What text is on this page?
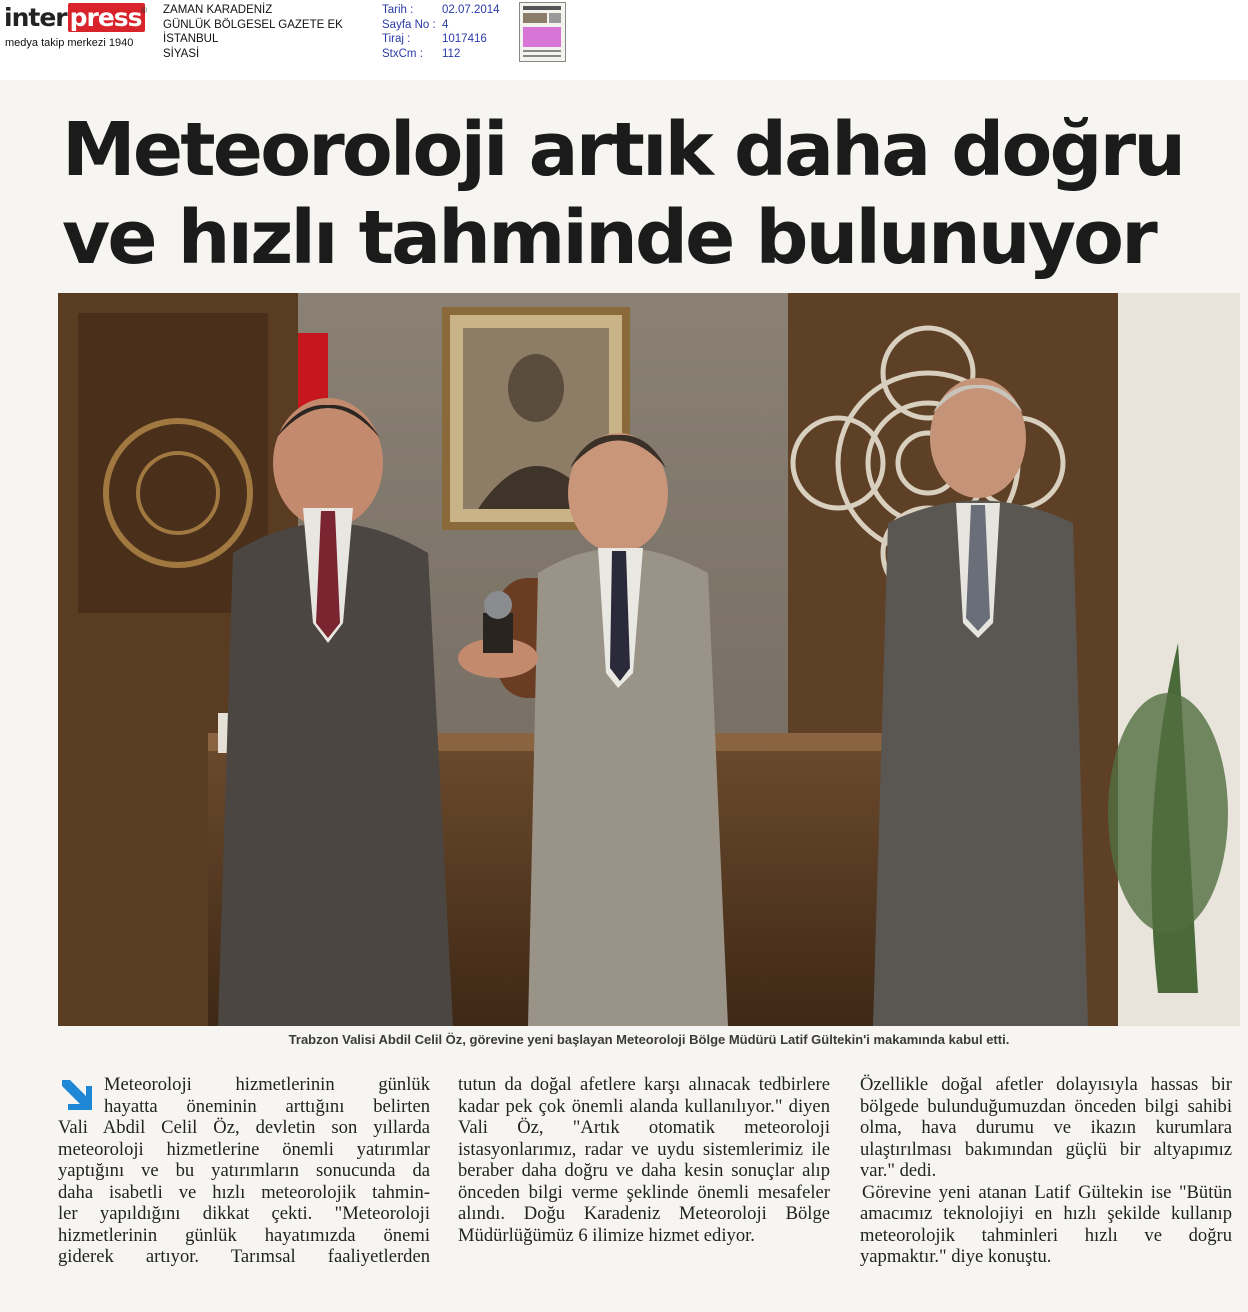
inter press ®
medya takip merkezi 1940
ZAMAN KARADENİZ
GÜNLÜK BÖLGESEL GAZETE EK
İSTANBUL
SİYASİ
Tarih : 02.07.2014
Sayfa No : 4
Tiraj :	1017416
StxCm : 112
Meteoroloji artık daha doğru ve hızlı tahminde bulunuyor
Trabzon Valisi Abdil Celil Öz, görevine yeni başlayan Meteoroloji Bölge Müdürü Latif Gültekin'i makamında kabul etti.
Meteoroloji hizmetlerinin günlük
hayatta öneminin arttığını belirten
Vali Abdil Celil Öz, devletin son yıllarda
meteoroloji hizmetlerine önemli yatırımlar
yaptığını ve bu yatırımların sonucunda da
daha isabetli ve hızlı meteorolojik tahmin-
ler yapıldığını dikkat çekti. "Meteoroloji
hizmetlerinin günlük hayatımızda önemi
giderek artıyor. Tarımsal faaliyetlerden

tutun da doğal afetlere karşı alınacak tedbirlere kadar pek çok önemli alanda kullanılıyor." diyen Vali Öz, "Artık otomatik meteoroloji istasyonlarımız, radar ve uydu sistemlerimiz ile beraber daha doğru ve daha kesin sonuçlar alıp önceden bilgi verme şeklinde önemli mesafeler alındı. Doğu Karadeniz Meteoroloji Bölge Müdürlüğümüz 6 ilimize hizmet ediyor.

Özellikle doğal afetler dolayısıyla hassas bir bölgede bulunduğumuzdan önceden bilgi sahibi olma, hava durumu ve ikazın kurumlara ulaştırılması bakımından güçlü bir altyapımız var." dedi.

Görevine yeni atanan Latif Gültekin ise "Bütün amacımız teknolojiyi en hızlı şekilde kullanıp meteorolojik tahminleri hızlı ve doğru yapmaktır." diye konuştu.
